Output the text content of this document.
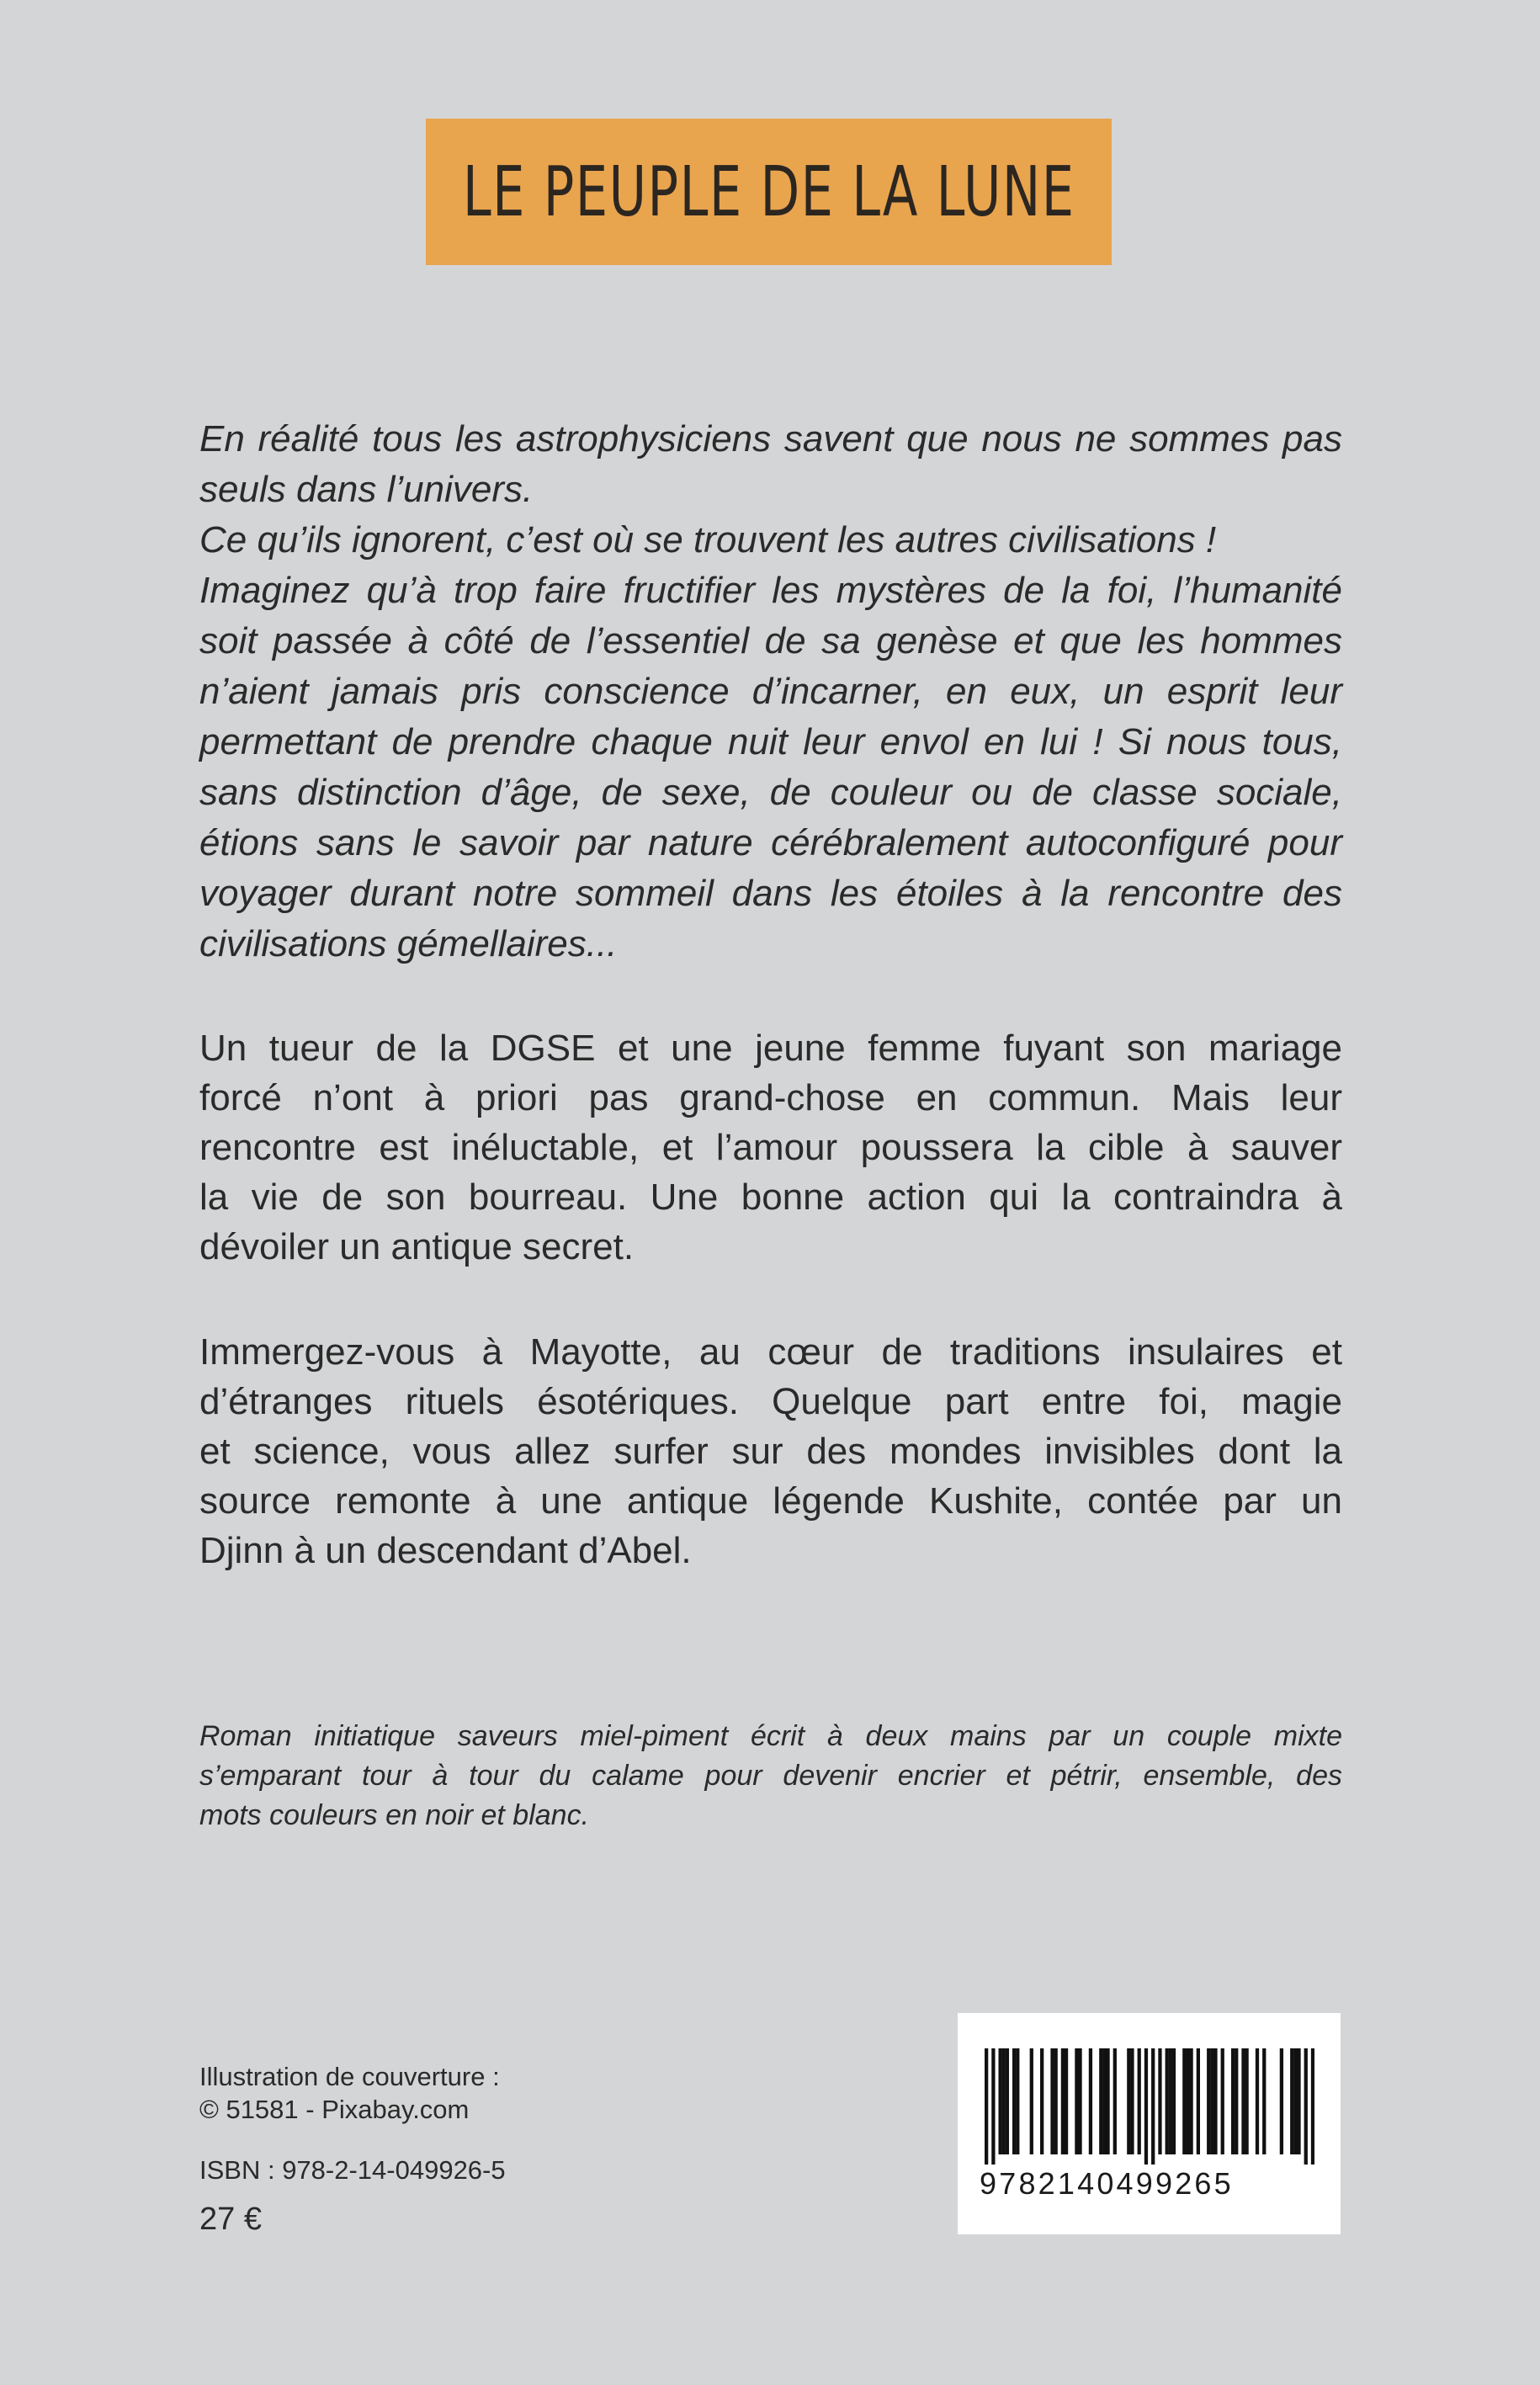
LE PEUPLE DE LA LUNE
En réalité tous les astrophysiciens savent que nous ne sommes pas
seuls dans l’univers.
Ce qu’ils ignorent, c’est où se trouvent les autres civilisations !
Imaginez qu’à trop faire fructifier les mystères de la foi, l’humanité
soit passée à côté de l’essentiel de sa genèse et que les hommes
n’aient jamais pris conscience d’incarner, en eux, un esprit leur
permettant de prendre chaque nuit leur envol en lui ! Si nous tous,
sans distinction d’âge, de sexe, de couleur ou de classe sociale,
étions sans le savoir par nature cérébralement autoconfiguré pour
voyager durant notre sommeil dans les étoiles à la rencontre des
civilisations gémellaires...
Un tueur de la DGSE et une jeune femme fuyant son mariage
forcé n’ont à priori pas grand-chose en commun. Mais leur
rencontre est inéluctable, et l’amour poussera la cible à sauver
la vie de son bourreau. Une bonne action qui la contraindra à
dévoiler un antique secret.
Immergez-vous à Mayotte, au cœur de traditions insulaires et
d’étranges rituels ésotériques. Quelque part entre foi, magie
et science, vous allez surfer sur des mondes invisibles dont la
source remonte à une antique légende Kushite, contée par un
Djinn à un descendant d’Abel.
Roman initiatique saveurs miel-piment écrit à deux mains par un couple mixte
s’emparant tour à tour du calame pour devenir encrier et pétrir, ensemble, des
mots couleurs en noir et blanc.
Illustration de couverture :
© 51581 - Pixabay.com
ISBN : 978-2-14-049926-5
27 €
9782140499265
